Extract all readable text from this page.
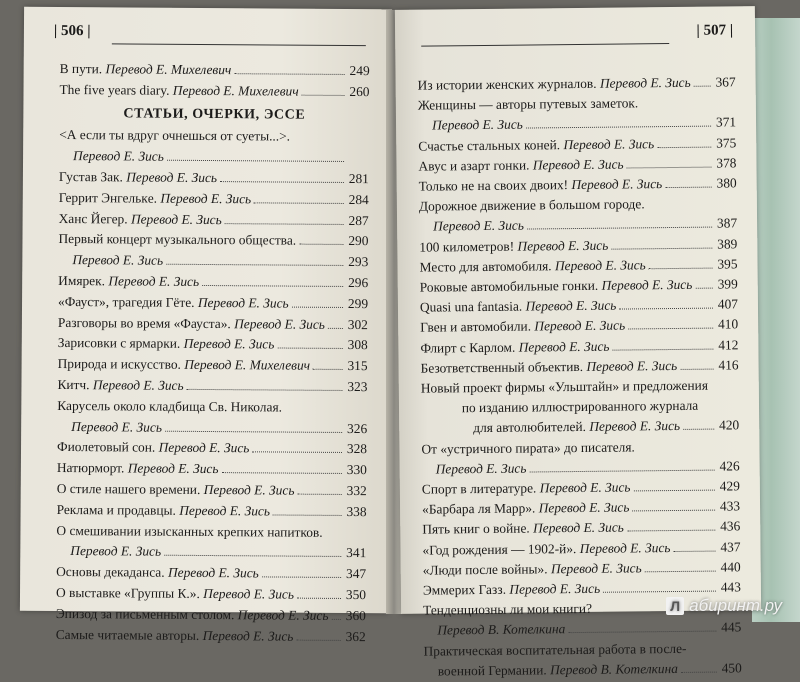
| 506 |
В пути. Перевод Е. Михелевич	249
The five years diary. Перевод Е. Михелевич	260
СТАТЬИ, ОЧЕРКИ, ЭССЕ
<А если ты вдруг очнешься от суеты...>.
Перевод Е. Зись
Густав Зак. Перевод Е. Зись	281
Геррит Энгелькe. Перевод Е. Зись	284
Ханс Йегер. Перевод Е. Зись	287
Первый концерт музыкального общества.	290
Перевод Е. Зись	293
Имярек. Перевод Е. Зись	296
«Фауст», трагедия Гёте. Перевод Е. Зись	299
Разговоры во время «Фауста». Перевод Е. Зись 302
Зарисовки с ярмарки. Перевод Е. Зись	308
Природа и искусство. Перевод Е. Михелевич	315
Китч. Перевод Е. Зись	323
Карусель около кладбища Св. Николая.
Перевод Е. Зись	326
Фиолетовый сон. Перевод Е. Зись	328
Натюрморт. Перевод Е. Зись	330
О стиле нашего времени. Перевод Е. Зись	332
Реклама и продавцы. Перевод Е. Зись	338
О смешивании изысканных крепких напитков.
Перевод Е. Зись	341
Основы декаданса. Перевод Е. Зись	347
О выставке «Группы К.». Перевод Е. Зись	350
Эпизод за письменным столом. Перевод Е. Зись 360
Самые читаемые авторы. Перевод Е. Зись	362
| 507 |
Из истории женских журналов. Перевод Е. Зись 367
Женщины — авторы путевых заметок.
Перевод Е. Зись	371
Счастье стальных коней. Перевод Е. Зись	375
Авус и азарт гонки. Перевод Е. Зись	378
Только не на своих двоих! Перевод Е. Зись	380
Дорожное движение в большом городе.
Перевод Е. Зись	387
100 километров! Перевод Е. Зись	389
Место для автомобиля. Перевод Е. Зись	395
Роковые автомобильные гонки. Перевод Е. Зись 399
Quasi una fantasia. Перевод Е. Зись	407
Гвен и автомобили. Перевод Е. Зись	410
Флирт с Карлом. Перевод Е. Зись	412
Безответственный объектив. Перевод Е. Зись	416
Новый проект фирмы «Ульштайн» и предложения
по изданию иллюстрированного журнала
для автолюбителей. Перевод Е. Зись	420
От «устричного пирата» до писателя.
Перевод Е. Зись	426
Спорт в литературе. Перевод Е. Зись	429
«Барбара ля Марр». Перевод Е. Зись	433
Пять книг о войне. Перевод Е. Зись	436
«Год рождения — 1902-й». Перевод Е. Зись	437
«Люди после войны». Перевод Е. Зись	440
Эммерих Газз. Перевод Е. Зись	443
Тенденциозны ли мои книги?
Перевод В. Котелкина	445
Практическая воспитательная работа в после-
военной Германии. Перевод В. Котелкина	450
Л абиринт.ру
